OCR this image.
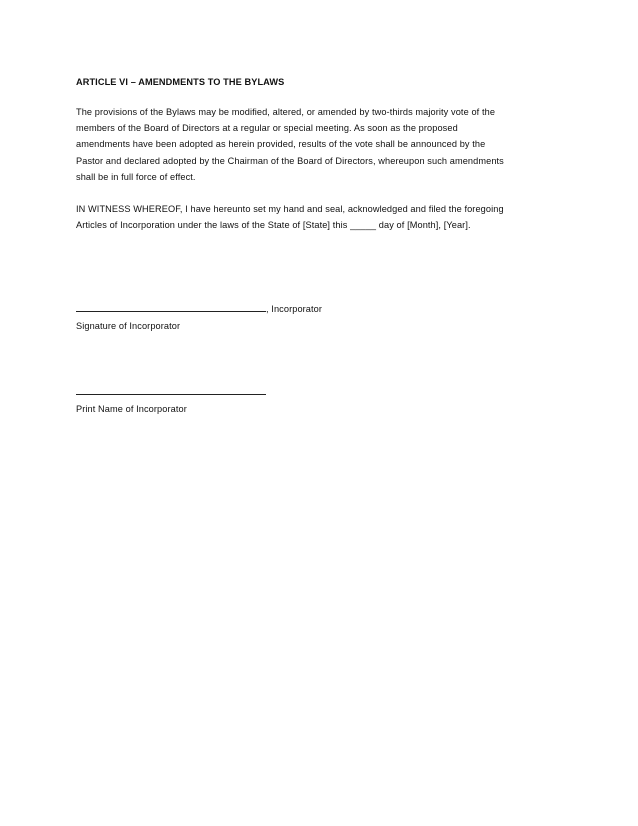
ARTICLE VI – AMENDMENTS TO THE BYLAWS

The provisions of the Bylaws may be modified, altered, or amended by two-thirds majority vote of the

members of the Board of Directors at a regular or special meeting. As soon as the proposed

amendments have been adopted as herein provided, results of the vote shall be announced by the

Pastor and declared adopted by the Chairman of the Board of Directors, whereupon such amendments

shall be in full force of effect.

IN WITNESS WHEREOF, I have hereunto set my hand and seal, acknowledged and filed the foregoing

Articles of Incorporation under the laws of the State of [State] this _____ day of [Month], [Year].

, Incorporator
Signature of Incorporator
Print Name of Incorporator
